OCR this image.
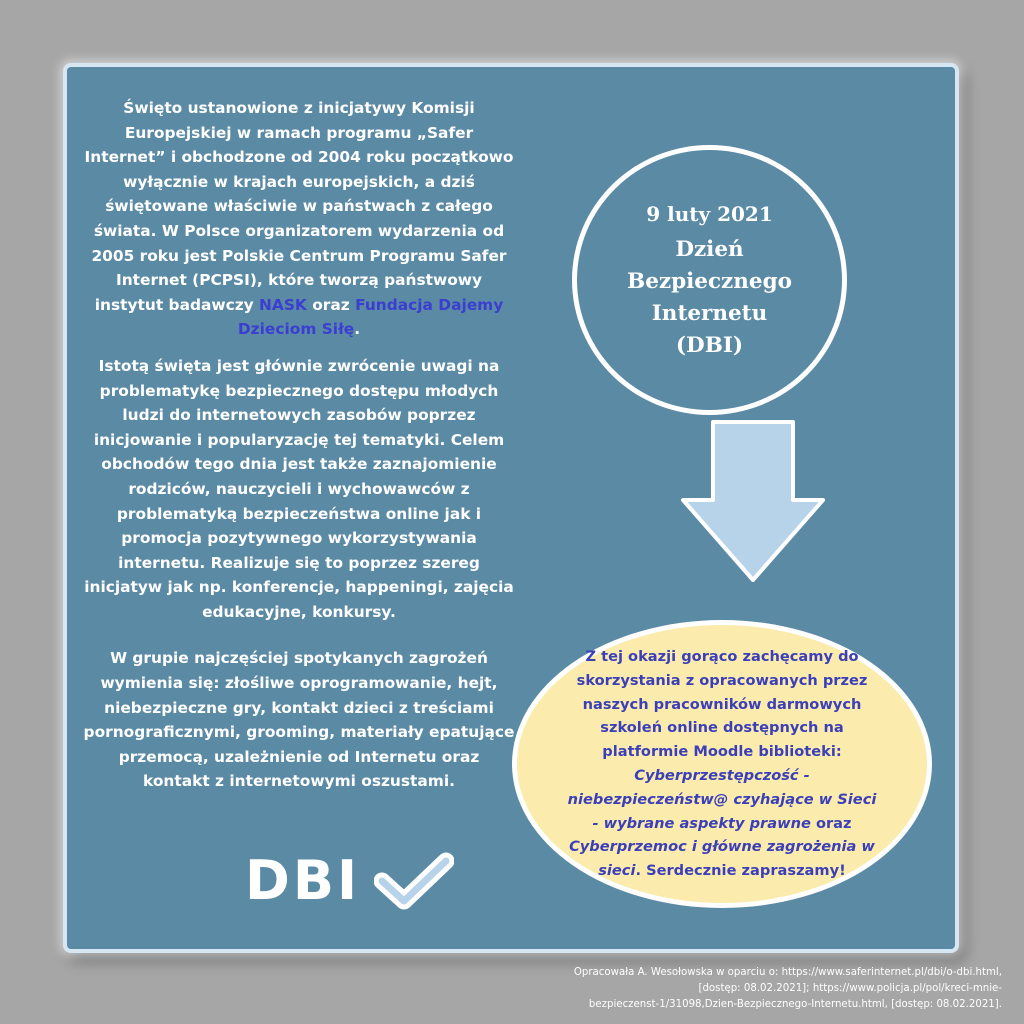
Święto ustanowione z inicjatywy Komisji Europejskiej w ramach programu „Safer Internet” i obchodzone od 2004 roku początkowo wyłącznie w krajach europejskich, a dziś świętowane właściwie w państwach z całego świata. W Polsce organizatorem wydarzenia od 2005 roku jest Polskie Centrum Programu Safer Internet (PCPSI), które tworzą państwowy instytut badawczy NASK oraz Fundacja Dajemy Dzieciom Siłę.

Istotą święta jest głównie zwrócenie uwagi na problematykę bezpiecznego dostępu młodych ludzi do internetowych zasobów poprzez inicjowanie i popularyzację tej tematyki. Celem obchodów tego dnia jest także zaznajomienie rodziców, nauczycieli i wychowawców z problematyką bezpieczeństwa online jak i promocja pozytywnego wykorzystywania internetu. Realizuje się to poprzez szereg inicjatyw jak np. konferencje, happeningi, zajęcia edukacyjne, konkursy.

W grupie najczęściej spotykanych zagrożeń wymienia się: złośliwe oprogramowanie, hejt, niebezpieczne gry, kontakt dzieci z treściami pornograficznymi, grooming, materiały epatujące przemocą, uzależnienie od Internetu oraz kontakt z internetowymi oszustami.

9 luty 2021
Dzień
Bezpiecznego
Internetu
(DBI)
Z tej okazji gorąco zachęcamy do skorzystania z opracowanych przez naszych pracowników darmowych szkoleń online dostępnych na platformie Moodle biblioteki: Cyberprzestępczość - niebezpieczeństw@ czyhające w Sieci - wybrane aspekty prawne oraz Cyberprzemoc i główne zagrożenia w sieci. Serdecznie zapraszamy!
DBI

Opracowała A. Wesołowska w oparciu o: https://www.saferinternet.pl/dbi/o-dbi.html,

[dostęp: 08.02.2021]; https://www.policja.pl/pol/kreci-mnie-

bezpieczenst-1/31098,Dzien-Bezpiecznego-Internetu.html, [dostęp: 08.02.2021].
